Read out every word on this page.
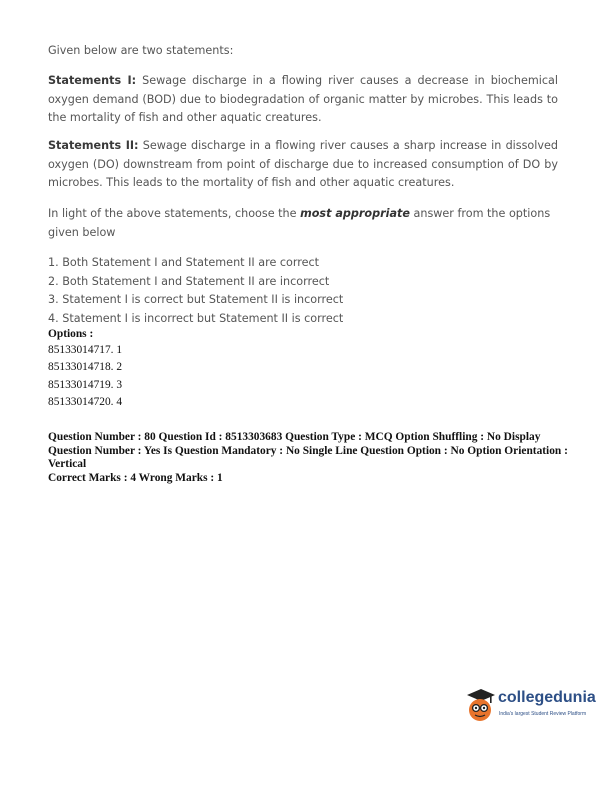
Given below are two statements:

Statements I: Sewage discharge in a flowing river causes a decrease in biochemical oxygen demand (BOD) due to biodegradation of organic matter by microbes. This leads to the mortality of fish and other aquatic creatures.

Statements II: Sewage discharge in a flowing river causes a sharp increase in dissolved oxygen (DO) downstream from point of discharge due to increased consumption of DO by microbes. This leads to the mortality of fish and other aquatic creatures.

In light of the above statements, choose the most appropriate answer from the options given below

1. Both Statement I and Statement II are correct
2. Both Statement I and Statement II are incorrect
3. Statement I is correct but Statement II is incorrect
4. Statement I is incorrect but Statement II is correct
Options :
85133014717. 1
85133014718. 2
85133014719. 3
85133014720. 4
Question Number : 80 Question Id : 8513303683 Question Type : MCQ Option Shuffling : No Display Question Number : Yes Is Question Mandatory : No Single Line Question Option : No Option Orientation : Vertical
Correct Marks : 4 Wrong Marks : 1
collegedunia
India's largest Student Review Platform
